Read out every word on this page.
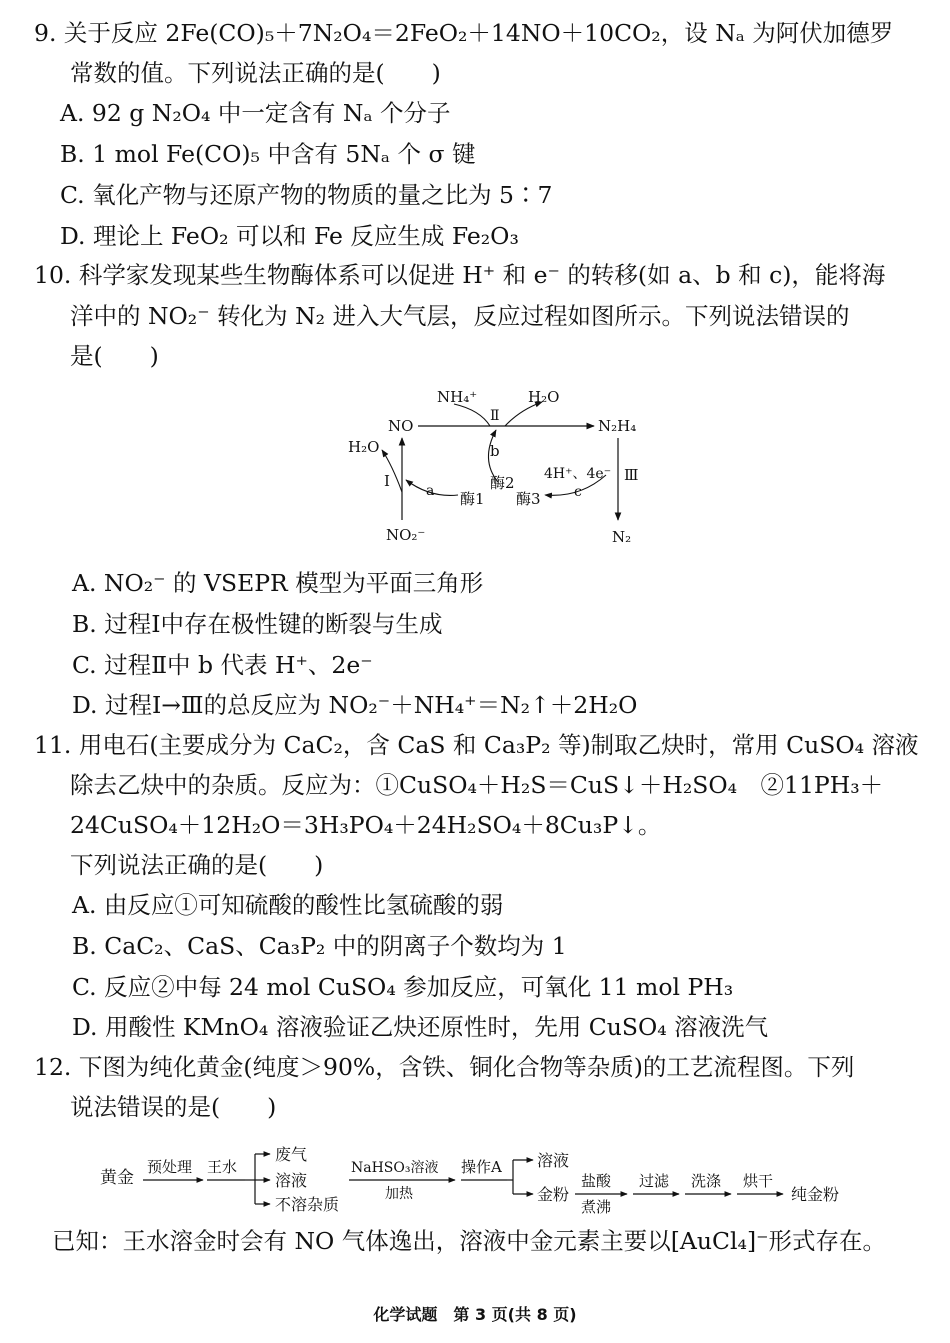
9. 关于反应 2Fe(CO)₅＋7N₂O₄＝2FeO₂＋14NO＋10CO₂，设 Nₐ 为阿伏加德罗
常数的值。下列说法正确的是(　　)
A. 92 g N₂O₄ 中一定含有 Nₐ 个分子
B. 1 mol Fe(CO)₅ 中含有 5Nₐ 个 σ 键
C. 氧化产物与还原产物的物质的量之比为 5∶7
D. 理论上 FeO₂ 可以和 Fe 反应生成 Fe₂O₃
10. 科学家发现某些生物酶体系可以促进 H⁺ 和 e⁻ 的转移(如 a、b 和 c)，能将海
洋中的 NO₂⁻ 转化为 N₂ 进入大气层，反应过程如图所示。下列说法错误的
是(　　)
NH₄⁺	H₂O
NO	N₂H₄
Ⅱ
b
H₂O
Ⅰ
a 酶1
酶2
酶3
4H⁺、4e⁻
c
Ⅲ
NO₂⁻	N₂
A. NO₂⁻ 的 VSEPR 模型为平面三角形
B. 过程Ⅰ中存在极性键的断裂与生成
C. 过程Ⅱ中 b 代表 H⁺、2e⁻
D. 过程Ⅰ→Ⅲ的总反应为 NO₂⁻＋NH₄⁺＝N₂↑＋2H₂O
11. 用电石(主要成分为 CaC₂，含 CaS 和 Ca₃P₂ 等)制取乙炔时，常用 CuSO₄ 溶液
除去乙炔中的杂质。反应为：①CuSO₄＋H₂S＝CuS↓＋H₂SO₄　②11PH₃＋
24CuSO₄＋12H₂O＝3H₃PO₄＋24H₂SO₄＋8Cu₃P↓。
下列说法正确的是(　　)
A. 由反应①可知硫酸的酸性比氢硫酸的弱
B. CaC₂、CaS、Ca₃P₂ 中的阴离子个数均为 1
C. 反应②中每 24 mol CuSO₄ 参加反应，可氧化 11 mol PH₃
D. 用酸性 KMnO₄ 溶液验证乙炔还原性时，先用 CuSO₄ 溶液洗气
12. 下图为纯化黄金(纯度＞90%，含铁、铜化合物等杂质)的工艺流程图。下列
说法错误的是(　　)
黄金
预处理 王水
废气
溶液
不溶杂质
NaHSO₃溶液
加热
操作A 溶液
金粉
盐酸
煮沸
过滤 洗涤 烘干
纯金粉
已知：王水溶金时会有 NO 气体逸出，溶液中金元素主要以[AuCl₄]⁻形式存在。
化学试题　第 3 页(共 8 页)
